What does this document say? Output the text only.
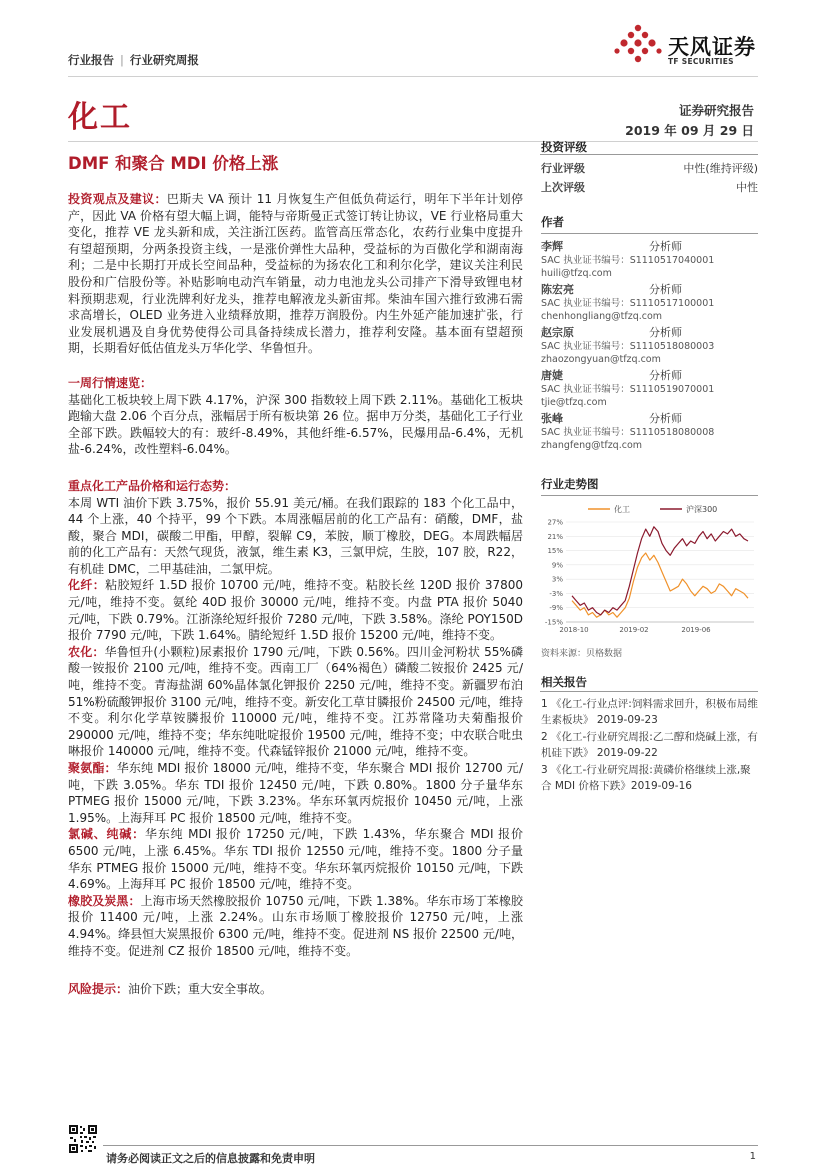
行业报告 | 行业研究周报
天风证券
TF SECURITIES
化工	证券研究报告
2019 年 09 月 29 日
DMF 和聚合 MDI 价格上涨

投资观点及建议：巴斯夫 VA 预计 11 月恢复生产但低负荷运行，明年下半年计划停产，因此 VA 价格有望大幅上调，能特与帝斯曼正式签订转让协议，VE 行业格局重大变化，推荐 VE 龙头新和成，关注浙江医药。监管高压常态化，农药行业集中度提升有望超预期，分两条投资主线，一是涨价弹性大品种，受益标的为百傲化学和湖南海利；二是中长期打开成长空间品种，受益标的为扬农化工和利尔化学，建议关注利民股份和广信股份等。补贴影响电动汽车销量，动力电池龙头公司排产下滑导致锂电材料预期悲观，行业洗牌利好龙头，推荐电解液龙头新宙邦。柴油车国六推行致沸石需求高增长，OLED 业务进入业绩释放期，推荐万润股份。内生外延产能加速扩张，行业发展机遇及自身优势使得公司具备持续成长潜力，推荐利安隆。基本面有望超预期，长期看好低估值龙头万华化学、华鲁恒升。

一周行情速览：
基础化工板块较上周下跌 4.17%，沪深 300 指数较上周下跌 2.11%。基础化工板块跑输大盘 2.06 个百分点，涨幅居于所有板块第 26 位。据申万分类，基础化工子行业全部下跌。跌幅较大的有：玻纤-8.49%，其他纤维-6.57%，民爆用品-6.4%，无机盐-6.24%，改性塑料-6.04%。

重点化工产品价格和运行态势：
本周 WTI 油价下跌 3.75%，报价 55.91 美元/桶。在我们跟踪的 183 个化工品中，44 个上涨，40 个持平，99 个下跌。本周涨幅居前的化工产品有：硝酸，DMF，盐酸，聚合 MDI，碳酸二甲酯，甲醇，裂解 C9，苯胺，顺丁橡胶，DEG。本周跌幅居前的化工产品有：天然气现货，液氯，维生素 K3，三氯甲烷，生胶，107 胶，R22，有机硅 DMC，二甲基硅油，二氯甲烷。

化纤：粘胶短纤 1.5D 报价 10700 元/吨，维持不变。粘胶长丝 120D 报价 37800 元/吨，维持不变。氨纶 40D 报价 30000 元/吨，维持不变。内盘 PTA 报价 5040 元/吨，下跌 0.79%。江浙涤纶短纤报价 7280 元/吨，下跌 3.58%。涤纶 POY150D 报价 7790 元/吨，下跌 1.64%。腈纶短纤 1.5D 报价 15200 元/吨，维持不变。

农化：华鲁恒升(小颗粒)尿素报价 1790 元/吨，下跌 0.56%。四川金河粉状 55%磷酸一铵报价 2100 元/吨，维持不变。西南工厂（64%褐色）磷酸二铵报价 2425 元/吨，维持不变。青海盐湖 60%晶体氯化钾报价 2250 元/吨，维持不变。新疆罗布泊 51%粉硫酸钾报价 3100 元/吨，维持不变。新安化工草甘膦报价 24500 元/吨，维持不变。利尔化学草铵膦报价 110000 元/吨，维持不变。江苏常隆功夫菊酯报价 290000 元/吨，维持不变；华东纯吡啶报价 19500 元/吨，维持不变；中农联合吡虫啉报价 140000 元/吨，维持不变。代森锰锌报价 21000 元/吨，维持不变。

聚氨酯：华东纯 MDI 报价 18000 元/吨，维持不变，华东聚合 MDI 报价 12700 元/吨，下跌 3.05%。华东 TDI 报价 12450 元/吨，下跌 0.80%。1800 分子量华东 PTMEG 报价 15000 元/吨，下跌 3.23%。华东环氧丙烷报价 10450 元/吨，上涨 1.95%。上海拜耳 PC 报价 18500 元/吨，维持不变。

氯碱、纯碱：华东纯 MDI 报价 17250 元/吨，下跌 1.43%，华东聚合 MDI 报价 6500 元/吨，上涨 6.45%。华东 TDI 报价 12550 元/吨，维持不变。1800 分子量华东 PTMEG 报价 15000 元/吨，维持不变。华东环氧丙烷报价 10150 元/吨，下跌 4.69%。上海拜耳 PC 报价 18500 元/吨，维持不变。

橡胶及炭黑：上海市场天然橡胶报价 10750 元/吨，下跌 1.38%。华东市场丁苯橡胶报价 11400 元/吨，上涨 2.24%。山东市场顺丁橡胶报价 12750 元/吨，上涨 4.94%。绛县恒大炭黑报价 6300 元/吨，维持不变。促进剂 NS 报价 22500 元/吨，维持不变。促进剂 CZ 报价 18500 元/吨，维持不变。

风险提示：油价下跌；重大安全事故。

投资评级
行业评级	中性(维持评级)
上次评级	中性
作者
李辉	分析师
SAC 执业证书编号：S1110517040001
huili@tfzq.com
陈宏亮	分析师
SAC 执业证书编号：S1110517100001
chenhongliang@tfzq.com
赵宗原	分析师
SAC 执业证书编号：S1110518080003
zhaozongyuan@tfzq.com
唐婕	分析师
SAC 执业证书编号：S1110519070001
tjie@tfzq.com
张峰	分析师
SAC 执业证书编号：S1110518080008
zhangfeng@tfzq.com
行业走势图
27%
21%
15%
9%
3%
-3%
-9%
-15%
2018-10	2019-02	2019-06
化工	沪深300
资料来源：贝格数据
相关报告
1 《化工-行业点评:饲料需求回升，积极布局维生素板块》 2019-09-23
2 《化工-行业研究周报:乙二醇和烧碱上涨，有机硅下跌》 2019-09-22
3 《化工-行业研究周报:黄磷价格继续上涨,聚合 MDI 价格下跌》2019-09-16
请务必阅读正文之后的信息披露和免责申明	1
